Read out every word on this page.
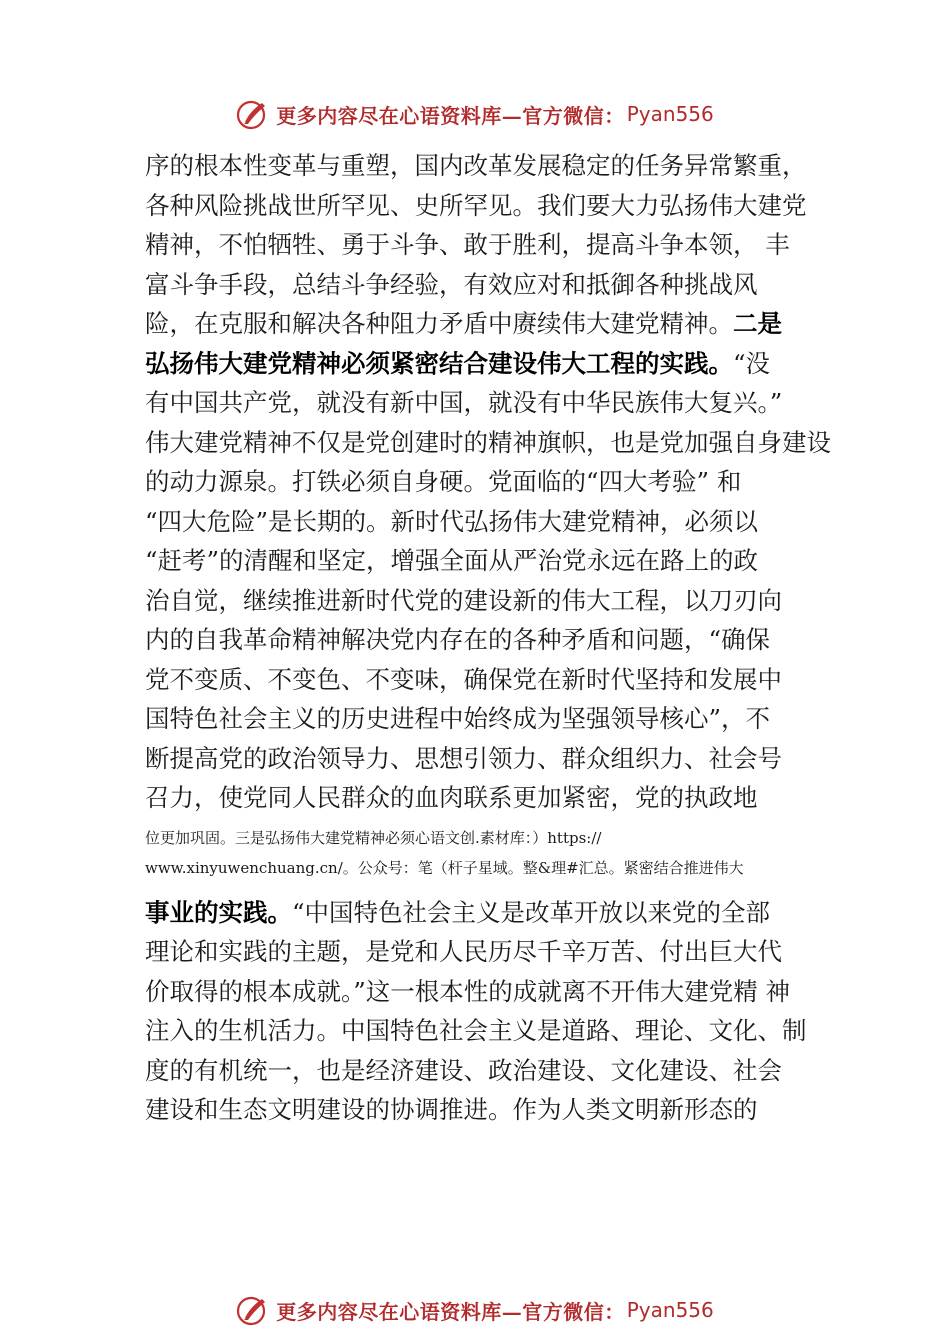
更多内容尽在心语资料库—官方微信： Pyan556
序的根本性变革与重塑，国内改革发展稳定的任务异常繁重，
各种风险挑战世所罕见、史所罕见。我们要大力弘扬伟大建党
精神，不怕牺牲、勇于斗争、敢于胜利，提高斗争本领， 丰
富斗争手段，总结斗争经验，有效应对和抵御各种挑战风
险，在克服和解决各种阻力矛盾中赓续伟大建党精神。二是
弘扬伟大建党精神必须紧密结合建设伟大工程的实践。“没
有中国共产党，就没有新中国，就没有中华民族伟大复兴。”
伟大建党精神不仅是党创建时的精神旗帜，也是党加强自身建设
的动力源泉。打铁必须自身硬。党面临的“四大考验” 和
“四大危险”是长期的。新时代弘扬伟大建党精神，必须以
“赶考”的清醒和坚定，增强全面从严治党永远在路上的政
治自觉，继续推进新时代党的建设新的伟大工程，以刀刃向
内的自我革命精神解决党内存在的各种矛盾和问题，“确保
党不变质、不变色、不变味，确保党在新时代坚持和发展中
国特色社会主义的历史进程中始终成为坚强领导核心”，不
断提高党的政治领导力、思想引领力、群众组织力、社会号
召力，使党同人民群众的血肉联系更加紧密，党的执政地
位更加巩固。三是弘扬伟大建党精神必须心语文创.素材库：）https://
www.xinyuwenchuang.cn/。公众号：笔（杆子星域。整&理#汇总。紧密结合推进伟大
事业的实践。“中国特色社会主义是改革开放以来党的全部
理论和实践的主题，是党和人民历尽千辛万苦、付出巨大代
价取得的根本成就。”这一根本性的成就离不开伟大建党精 神
注入的生机活力。中国特色社会主义是道路、理论、文化、制
度的有机统一，也是经济建设、政治建设、文化建设、社会
建设和生态文明建设的协调推进。作为人类文明新形态的
更多内容尽在心语资料库—官方微信： Pyan556
